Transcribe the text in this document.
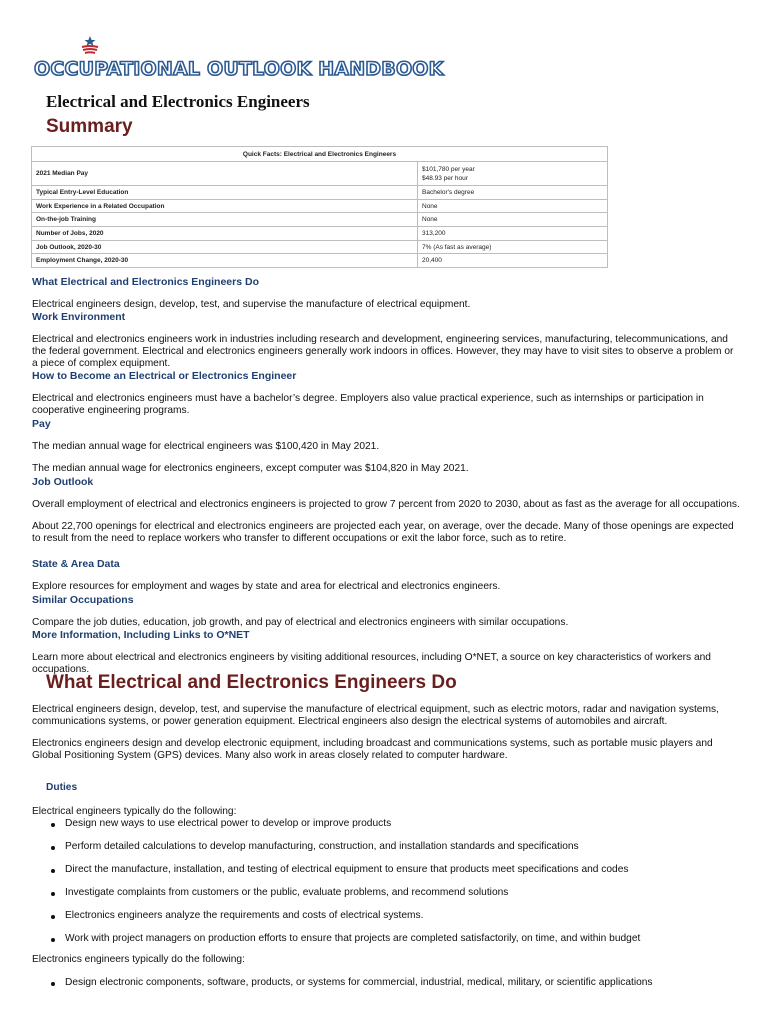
OCCUPATIONAL OUTLOOK HANDBOOK
Electrical and Electronics Engineers
Summary
Quick Facts: Electrical and Electronics Engineers	
2021 Median Pay	$101,780 per year
$48.93 per hour

Typical Entry-Level Education	Bachelor's degree
Work Experience in a Related Occupation	None
On-the-job Training	None
Number of Jobs, 2020	313,200
Job Outlook, 2020-30	7% (As fast as average)
Employment Change, 2020-30	20,400

What Electrical and Electronics Engineers Do

Electrical engineers design, develop, test, and supervise the manufacture of electrical equipment.

Work Environment

Electrical and electronics engineers work in industries including research and development, engineering services, manufacturing, telecommunications, and the federal government. Electrical and electronics engineers generally work indoors in offices. However, they may have to visit sites to observe a problem or a piece of complex equipment.

How to Become an Electrical or Electronics Engineer

Electrical and electronics engineers must have a bachelor’s degree. Employers also value practical experience, such as internships or participation in cooperative engineering programs.

Pay

The median annual wage for electrical engineers was $100,420 in May 2021.

The median annual wage for electronics engineers, except computer was $104,820 in May 2021.

Job Outlook

Overall employment of electrical and electronics engineers is projected to grow 7 percent from 2020 to 2030, about as fast as the average for all occupations.

About 22,700 openings for electrical and electronics engineers are projected each year, on average, over the decade. Many of those openings are expected to result from the need to replace workers who transfer to different occupations or exit the labor force, such as to retire.

State & Area Data

Explore resources for employment and wages by state and area for electrical and electronics engineers.

Similar Occupations

Compare the job duties, education, job growth, and pay of electrical and electronics engineers with similar occupations.

More Information, Including Links to O*NET

Learn more about electrical and electronics engineers by visiting additional resources, including O*NET, a source on key characteristics of workers and occupations.

What Electrical and Electronics Engineers Do

Electrical engineers design, develop, test, and supervise the manufacture of electrical equipment, such as electric motors, radar and navigation systems, communications systems, or power generation equipment. Electrical engineers also design the electrical systems of automobiles and aircraft.

Electronics engineers design and develop electronic equipment, including broadcast and communications systems, such as portable music players and Global Positioning System (GPS) devices. Many also work in areas closely related to computer hardware.

Duties

Electrical engineers typically do the following:

Design new ways to use electrical power to develop or improve products
Perform detailed calculations to develop manufacturing, construction, and installation standards and specifications
Direct the manufacture, installation, and testing of electrical equipment to ensure that products meet specifications and codes
Investigate complaints from customers or the public, evaluate problems, and recommend solutions
Electronics engineers analyze the requirements and costs of electrical systems.
Work with project managers on production efforts to ensure that projects are completed satisfactorily, on time, and within budget

Electronics engineers typically do the following:

Design electronic components, software, products, or systems for commercial, industrial, medical, military, or scientific applications
